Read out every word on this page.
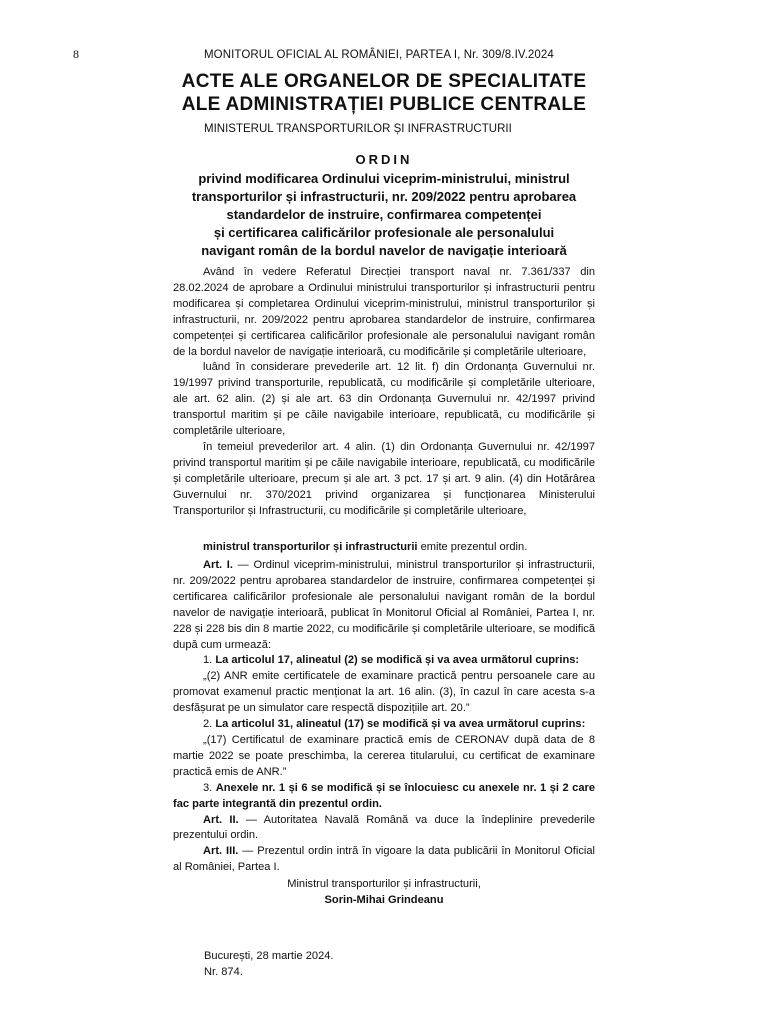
8	MONITORUL OFICIAL AL ROMÂNIEI, PARTEA I, Nr. 309/8.IV.2024
ACTE ALE ORGANELOR DE SPECIALITATE
ALE ADMINISTRAȚIEI PUBLICE CENTRALE
MINISTERUL TRANSPORTURILOR ȘI INFRASTRUCTURII
ORDIN
privind modificarea Ordinului viceprim-ministrului, ministrul
transporturilor și infrastructurii, nr. 209/2022 pentru aprobarea
standardelor de instruire, confirmarea competenței
și certificarea calificărilor profesionale ale personalului
navigant român de la bordul navelor de navigație interioară

Având în vedere Referatul Direcției transport naval nr. 7.361/337 din 28.02.2024 de aprobare a Ordinului ministrului transporturilor și infrastructurii pentru modificarea și completarea Ordinului viceprim-ministrului, ministrul transporturilor și infrastructurii, nr. 209/2022 pentru aprobarea standardelor de instruire, confirmarea competenței și certificarea calificărilor profesionale ale personalului navigant român de la bordul navelor de navigație interioară, cu modificările și completările ulterioare,

luând în considerare prevederile art. 12 lit. f) din Ordonanța Guvernului nr. 19/1997 privind transporturile, republicată, cu modificările și completările ulterioare, ale art. 62 alin. (2) și ale art. 63 din Ordonanța Guvernului nr. 42/1997 privind transportul maritim și pe căile navigabile interioare, republicată, cu modificările și completările ulterioare,

în temeiul prevederilor art. 4 alin. (1) din Ordonanța Guvernului nr. 42/1997 privind transportul maritim și pe căile navigabile interioare, republicată, cu modificările și completările ulterioare, precum și ale art. 3 pct. 17 și art. 9 alin. (4) din Hotărârea Guvernului nr. 370/2021 privind organizarea și funcționarea Ministerului Transporturilor și Infrastructurii, cu modificările și completările ulterioare,

ministrul transporturilor și infrastructurii emite prezentul ordin.

Art. I. — Ordinul viceprim-ministrului, ministrul transporturilor și infrastructurii, nr. 209/2022 pentru aprobarea standardelor de instruire, confirmarea competenței și certificarea calificărilor profesionale ale personalului navigant român de la bordul navelor de navigație interioară, publicat în Monitorul Oficial al României, Partea I, nr. 228 și 228 bis din 8 martie 2022, cu modificările și completările ulterioare, se modifică după cum urmează:

1. La articolul 17, alineatul (2) se modifică și va avea următorul cuprins:

„(2) ANR emite certificatele de examinare practică pentru persoanele care au promovat examenul practic menționat la art. 16 alin. (3), în cazul în care acesta s-a desfășurat pe un simulator care respectă dispozițiile art. 20.”

2. La articolul 31, alineatul (17) se modifică și va avea următorul cuprins:

„(17) Certificatul de examinare practică emis de CERONAV după data de 8 martie 2022 se poate preschimba, la cererea titularului, cu certificat de examinare practică emis de ANR.”

3. Anexele nr. 1 și 6 se modifică și se înlocuiesc cu anexele nr. 1 și 2 care fac parte integrantă din prezentul ordin.

Art. II. — Autoritatea Navală Română va duce la îndeplinire prevederile prezentului ordin.

Art. III. — Prezentul ordin intră în vigoare la data publicării în Monitorul Oficial al României, Partea I.

Ministrul transporturilor și infrastructurii,
Sorin-Mihai Grindeanu
București, 28 martie 2024.
Nr. 874.
